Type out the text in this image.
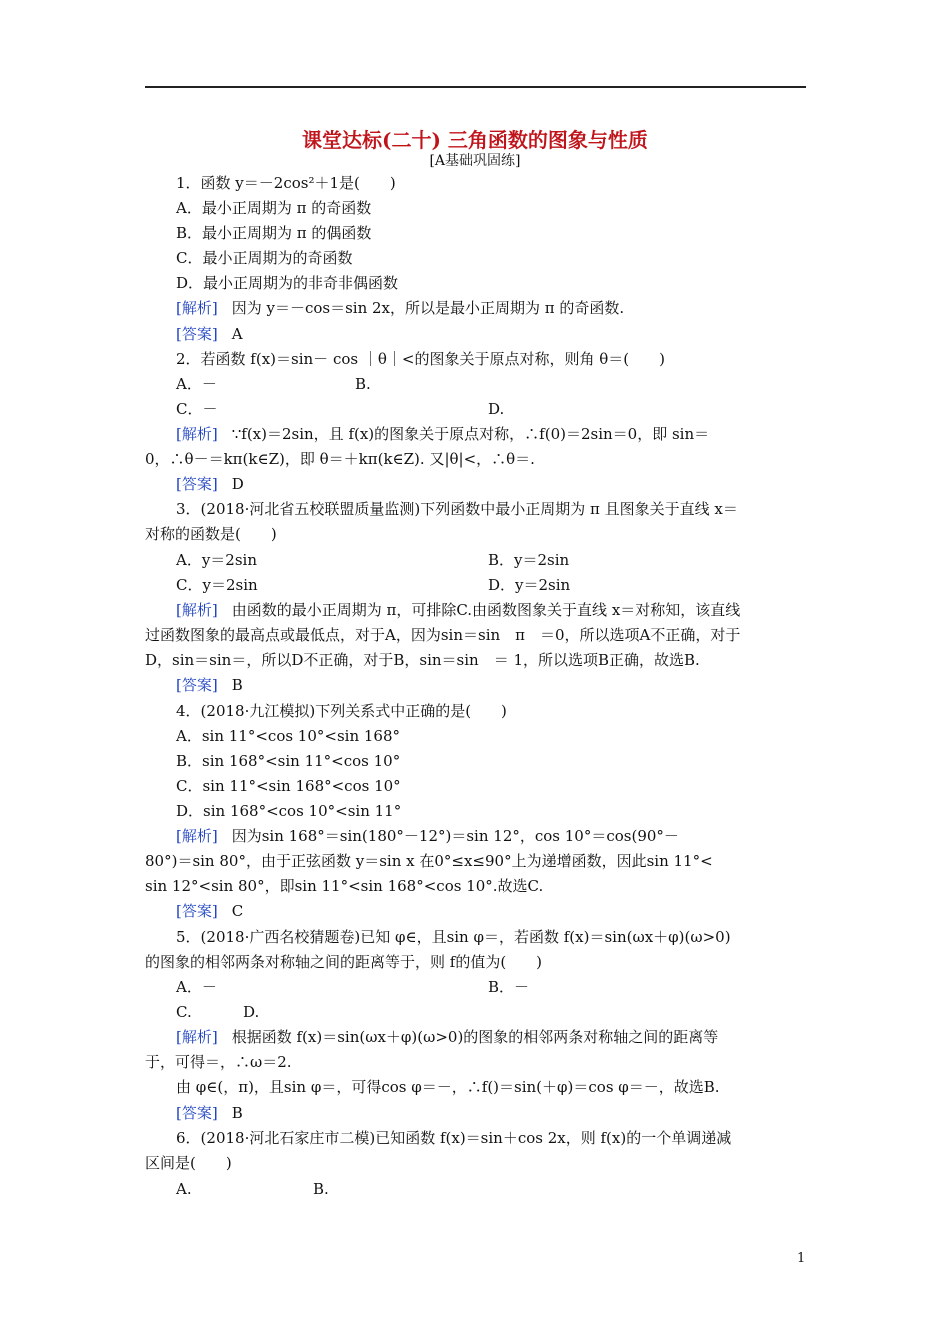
课堂达标(二十) 三角函数的图象与性质
[A基础巩固练]
1．函数 y＝－2cos²＋1是(　　)
A．最小正周期为 π 的奇函数
B．最小正周期为 π 的偶函数
C．最小正周期为的奇函数
D．最小正周期为的非奇非偶函数
[解析] 因为 y＝－cos＝sin 2x，所以是最小正周期为 π 的奇函数.
[答案] A
2．若函数 f(x)＝sin－ cos ｜θ｜<的图象关于原点对称，则角 θ＝(　　)
A．－	B.
C．－	D.
[解析] ∵f(x)＝2sin，且 f(x)的图象关于原点对称，∴f(0)＝2sin＝0，即 sin＝
0，∴θ－＝kπ(k∈Z)，即 θ＝＋kπ(k∈Z). 又|θ|<，∴θ＝.
[答案] D
3．(2018·河北省五校联盟质量监测)下列函数中最小正周期为 π 且图象关于直线 x＝
对称的函数是(　　)
A．y＝2sin	B．y＝2sin
C．y＝2sin	D．y＝2sin
[解析] 由函数的最小正周期为 π，可排除C.由函数图象关于直线 x＝对称知，该直线
过函数图象的最高点或最低点，对于A，因为sin＝sin　π　＝0，所以选项A不正确，对于
D，sin＝sin＝，所以D不正确，对于B，sin＝sin　＝ 1，所以选项B正确，故选B.
[答案] B
4．(2018·九江模拟)下列关系式中正确的是(　　)
A．sin 11°<cos 10°<sin 168°
B．sin 168°<sin 11°<cos 10°
C．sin 11°<sin 168°<cos 10°
D．sin 168°<cos 10°<sin 11°
[解析] 因为sin 168°＝sin(180°－12°)＝sin 12°，cos 10°＝cos(90°－
80°)＝sin 80°，由于正弦函数 y＝sin x 在0°≤x≤90°上为递增函数，因此sin 11°<
sin 12°<sin 80°，即sin 11°<sin 168°<cos 10°.故选C.
[答案] C
5．(2018·广西名校猜题卷)已知 φ∈，且sin φ＝，若函数 f(x)＝sin(ωx＋φ)(ω>0)
的图象的相邻两条对称轴之间的距离等于，则 f的值为(　　)
A．－	B．－
C.	D.
[解析] 根据函数 f(x)＝sin(ωx＋φ)(ω>0)的图象的相邻两条对称轴之间的距离等
于，可得＝，∴ω＝2.
由 φ∈(，π)，且sin φ＝，可得cos φ＝－，∴f()＝sin(＋φ)＝cos φ＝－，故选B.
[答案] B
6．(2018·河北石家庄市二模)已知函数 f(x)＝sin＋cos 2x，则 f(x)的一个单调递减
区间是(　　)
A.	B.
1
